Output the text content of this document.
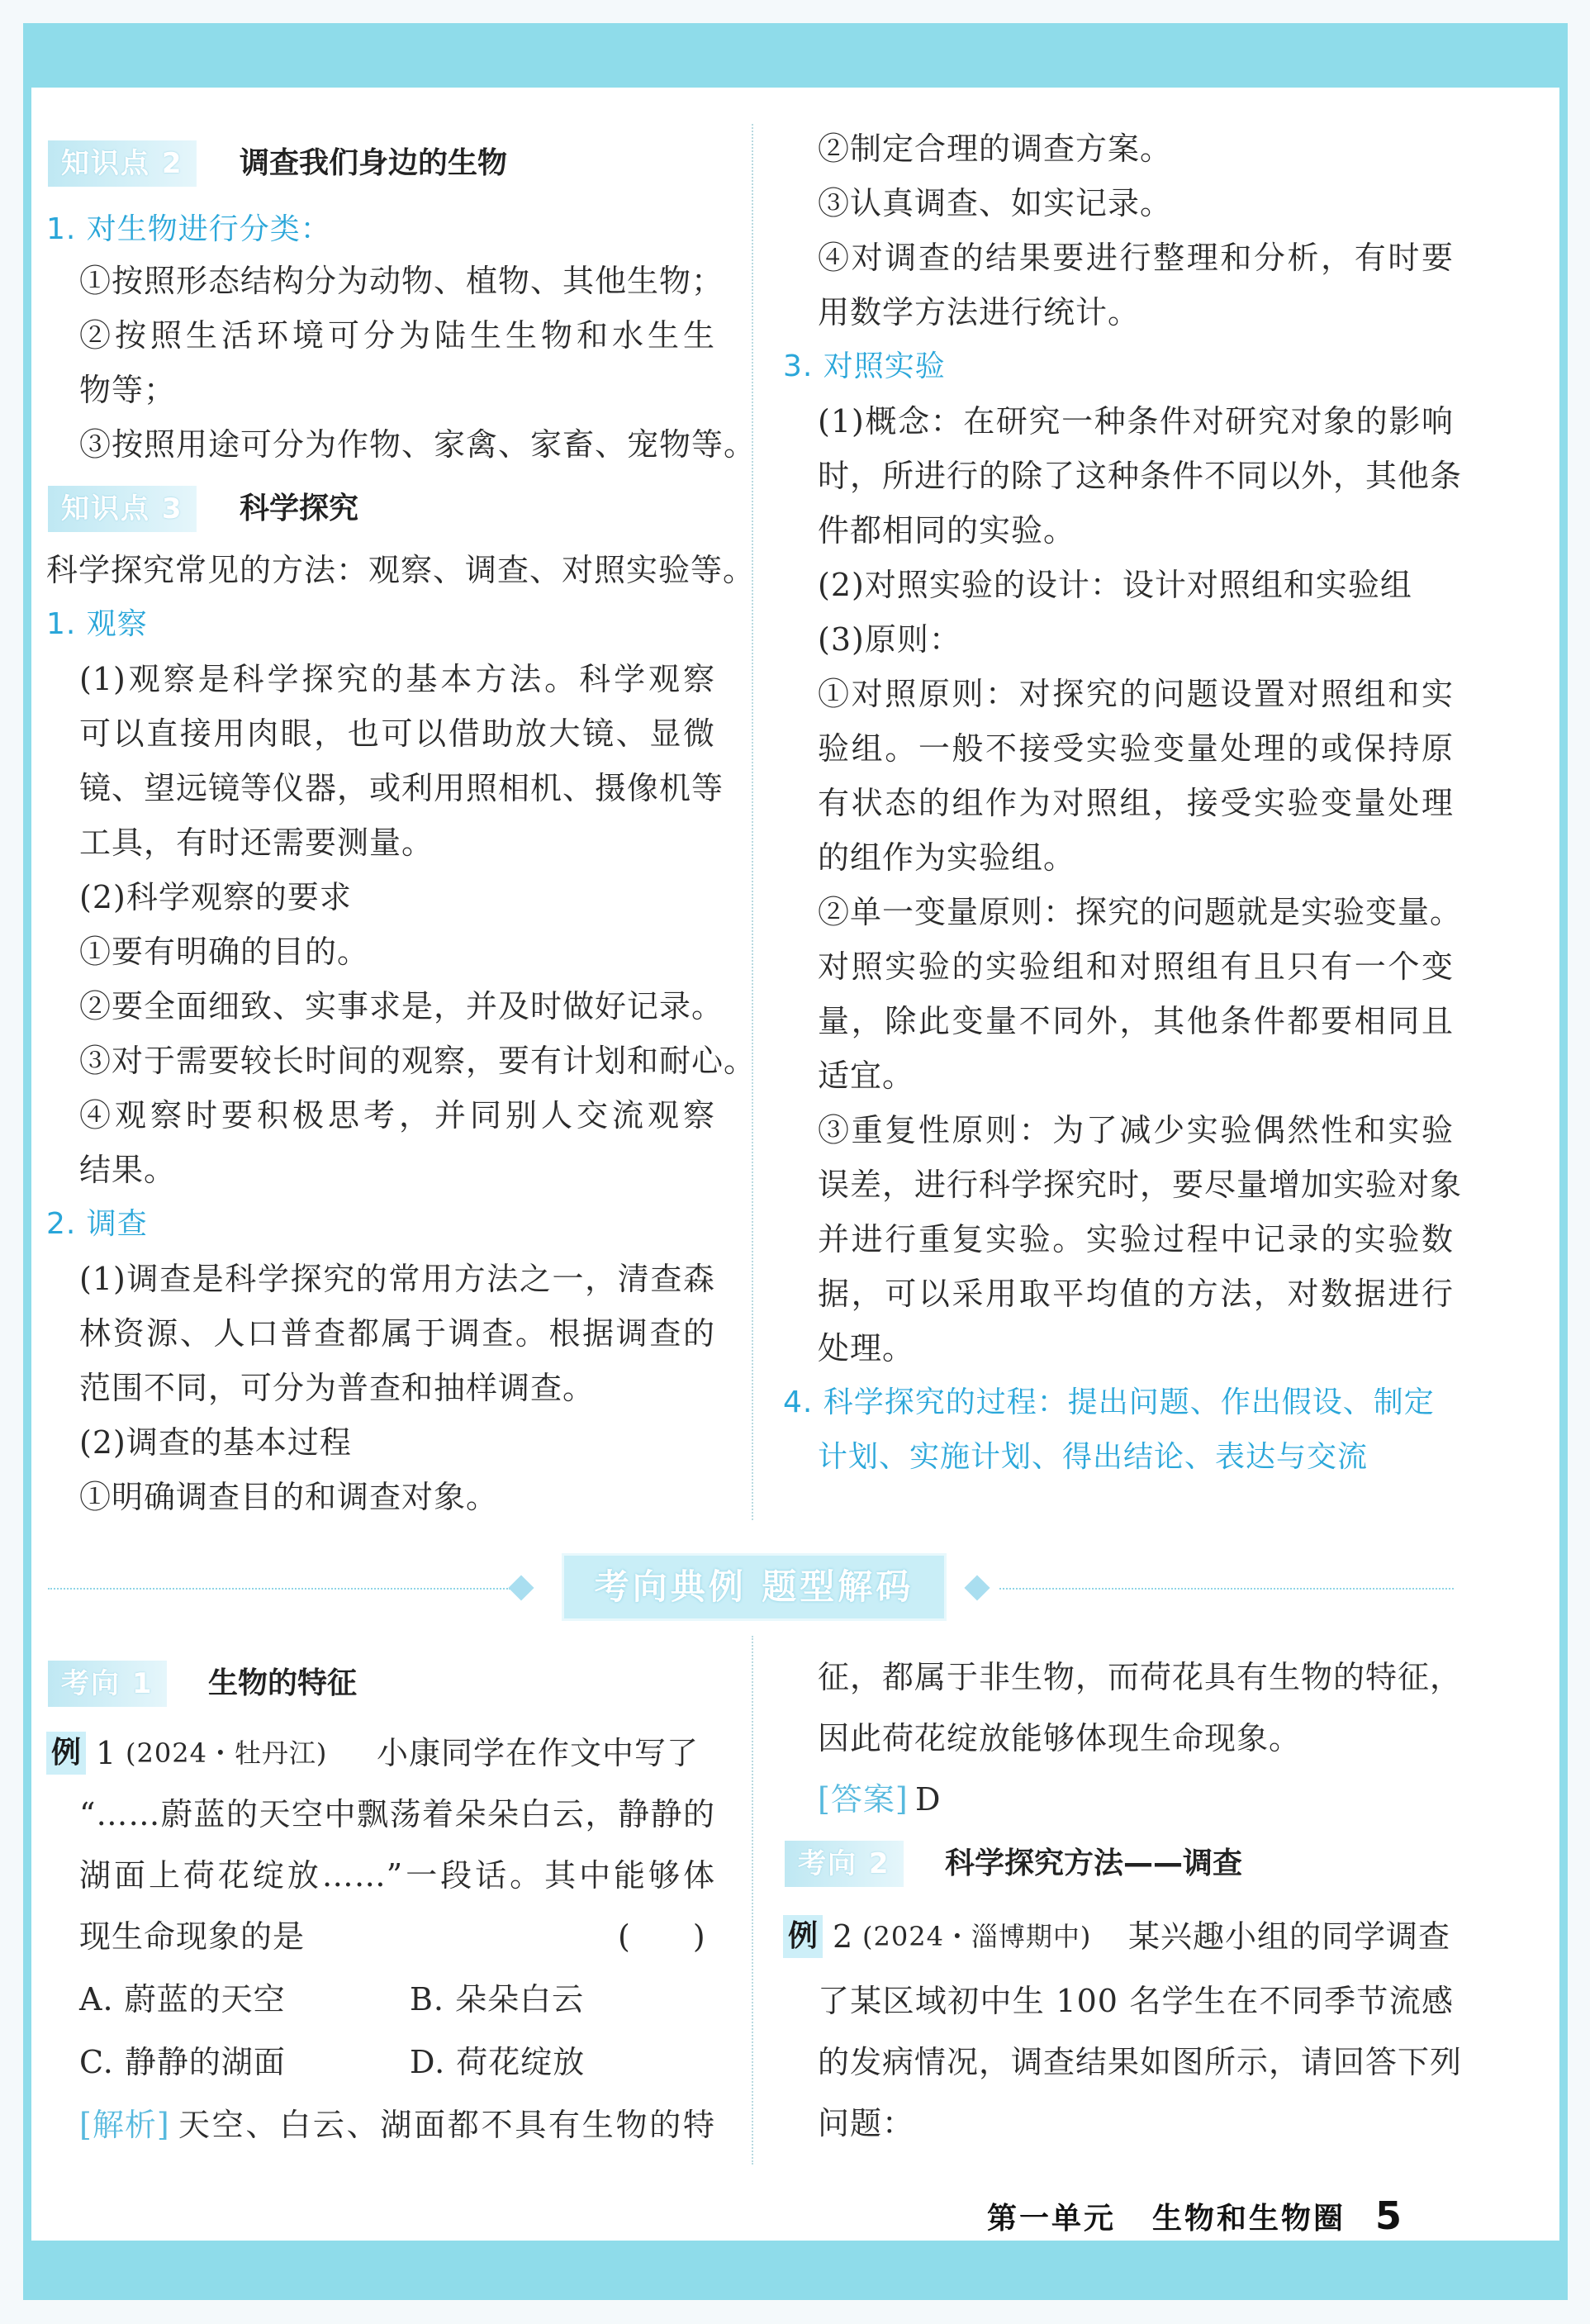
知识点 2	调查我们身边的生物
1. 对生物进行分类：
①按照形态结构分为动物、植物、其他生物；
②按照生活环境可分为陆生生物和水生生
物等；
③按照用途可分为作物、家禽、家畜、宠物等。
知识点 3	科学探究
科学探究常见的方法：观察、调查、对照实验等。
1. 观察
(1)观察是科学探究的基本方法。科学观察
可以直接用肉眼，也可以借助放大镜、显微
镜、望远镜等仪器，或利用照相机、摄像机等
工具，有时还需要测量。
(2)科学观察的要求
①要有明确的目的。
②要全面细致、实事求是，并及时做好记录。
③对于需要较长时间的观察，要有计划和耐心。
④观察时要积极思考，并同别人交流观察
结果。
2. 调查
(1)调查是科学探究的常用方法之一，清查森
林资源、人口普查都属于调查。根据调查的
范围不同，可分为普查和抽样调查。
(2)调查的基本过程
①明确调查目的和调查对象。
②制定合理的调查方案。
③认真调查、如实记录。
④对调查的结果要进行整理和分析，有时要
用数学方法进行统计。
3. 对照实验
(1)概念：在研究一种条件对研究对象的影响
时，所进行的除了这种条件不同以外，其他条
件都相同的实验。
(2)对照实验的设计：设计对照组和实验组
(3)原则：
①对照原则：对探究的问题设置对照组和实
验组。一般不接受实验变量处理的或保持原
有状态的组作为对照组，接受实验变量处理
的组作为实验组。
②单一变量原则：探究的问题就是实验变量。
对照实验的实验组和对照组有且只有一个变
量，除此变量不同外，其他条件都要相同且
适宜。
③重复性原则：为了减少实验偶然性和实验
误差，进行科学探究时，要尽量增加实验对象
并进行重复实验。实验过程中记录的实验数
据，可以采用取平均值的方法，对数据进行
处理。
4. 科学探究的过程：提出问题、作出假设、制定
计划、实施计划、得出结论、表达与交流
考向典例 题型解码
考向 1	生物的特征
例 1 (2024・牡丹江) 小康同学在作文中写了
“……蔚蓝的天空中飘荡着朵朵白云，静静的
湖面上荷花绽放……”一段话。其中能够体
现生命现象的是	(　　)
A. 蔚蓝的天空	B. 朵朵白云
C. 静静的湖面	D. 荷花绽放
[解析] 天空、白云、湖面都不具有生物的特
征，都属于非生物，而荷花具有生物的特征，
因此荷花绽放能够体现生命现象。
[答案] D
考向 2	科学探究方法——调查
例 2 (2024・淄博期中) 某兴趣小组的同学调查
了某区域初中生 100 名学生在不同季节流感
的发病情况，调查结果如图所示，请回答下列
问题：
第一单元 生物和生物圈 5
